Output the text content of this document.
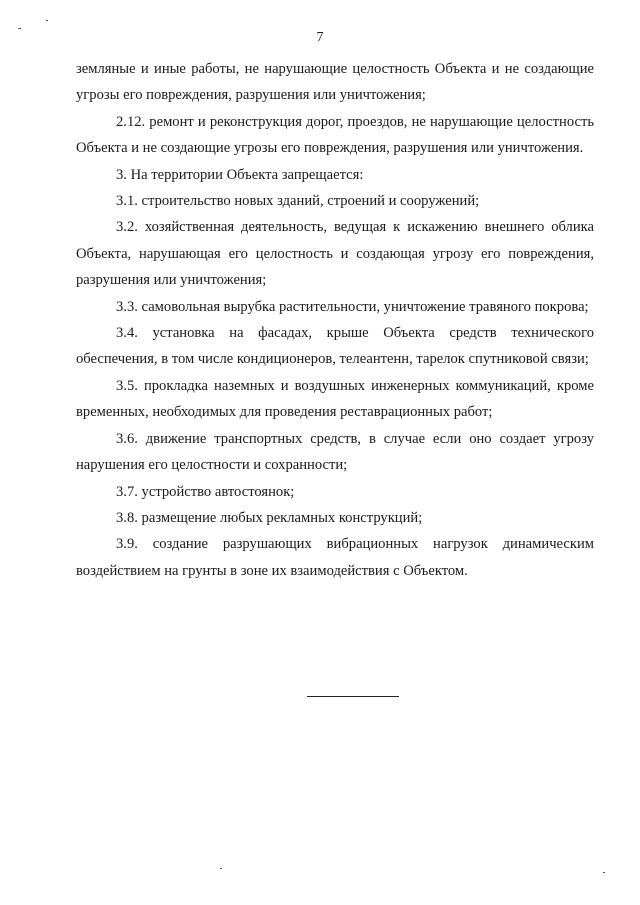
7

земляные и иные работы, не нарушающие целостность Объекта и не создающие угрозы его повреждения, разрушения или уничтожения;

2.12. ремонт и реконструкция дорог, проездов, не нарушающие целостность Объекта и не создающие угрозы его повреждения, разрушения или уничтожения.

3. На территории Объекта запрещается:

3.1. строительство новых зданий, строений и сооружений;

3.2. хозяйственная деятельность, ведущая к искажению внешнего облика Объекта, нарушающая его целостность и создающая угрозу его повреждения, разрушения или уничтожения;

3.3. самовольная вырубка растительности, уничтожение травяного покрова;

3.4. установка на фасадах, крыше Объекта средств технического обеспечения, в том числе кондиционеров, телеантенн, тарелок спутниковой связи;

3.5. прокладка наземных и воздушных инженерных коммуникаций, кроме временных, необходимых для проведения реставрационных работ;

3.6. движение транспортных средств, в случае если оно создает угрозу нарушения его целостности и сохранности;

3.7. устройство автостоянок;

3.8. размещение любых рекламных конструкций;

3.9. создание разрушающих вибрационных нагрузок динамическим воздействием на грунты в зоне их взаимодействия с Объектом.
